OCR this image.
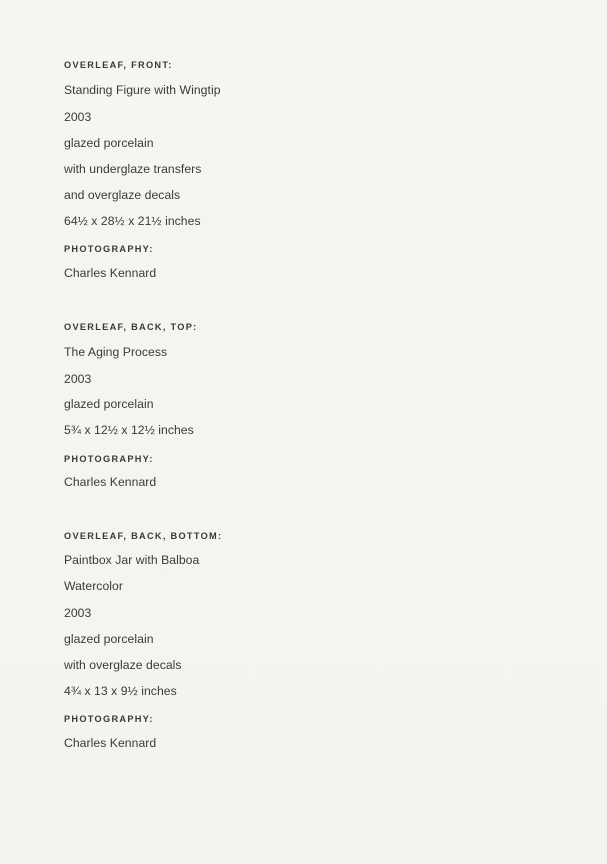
OVERLEAF, FRONT:
Standing Figure with Wingtip
2003
glazed porcelain
with underglaze transfers
and overglaze decals
64½ x 28½ x 21½ inches
PHOTOGRAPHY:
Charles Kennard
OVERLEAF, BACK, TOP:
The Aging Process
2003
glazed porcelain
5¾ x 12½ x 12½ inches
PHOTOGRAPHY:
Charles Kennard
OVERLEAF, BACK, BOTTOM:
Paintbox Jar with Balboa
Watercolor
2003
glazed porcelain
with overglaze decals
4¾ x 13 x 9½ inches
PHOTOGRAPHY:
Charles Kennard
